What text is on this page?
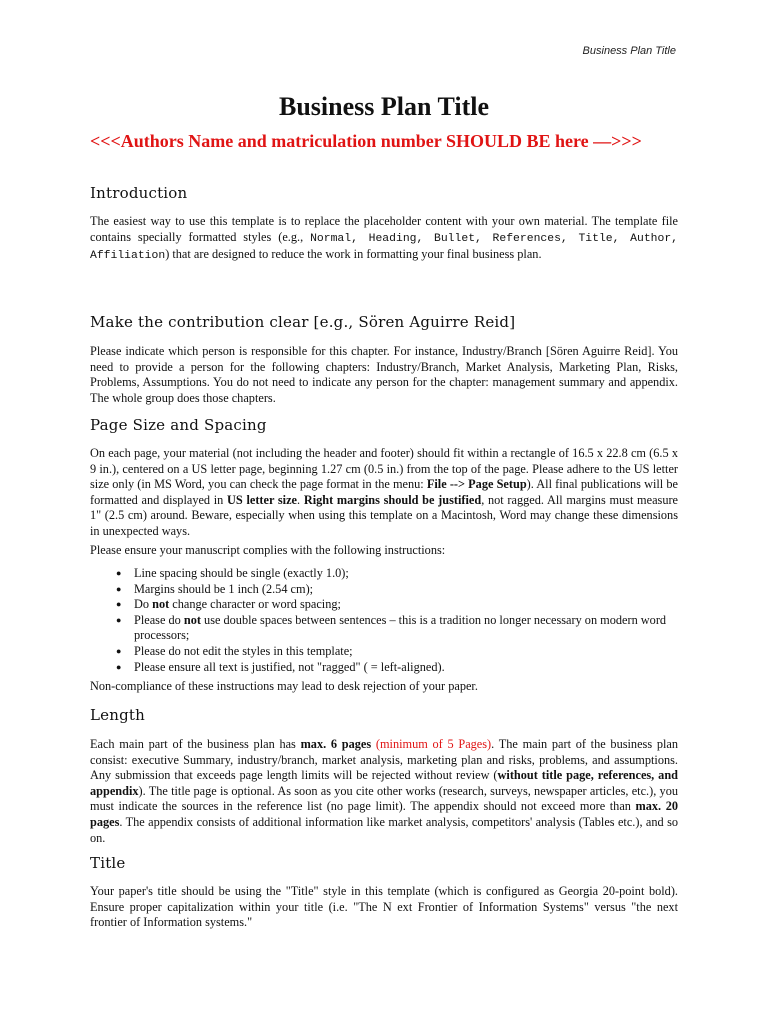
Business Plan Title
Business Plan Title
<<<Authors Name and matriculation number SHOULD BE here —>>>
Introduction

The easiest way to use this template is to replace the placeholder content with your own material. The template file contains specially formatted styles (e.g., Normal, Heading, Bullet, References, Title, Author, Affiliation) that are designed to reduce the work in formatting your final business plan.

Make the contribution clear [e.g., Sören Aguirre Reid]

Please indicate which person is responsible for this chapter. For instance, Industry/Branch [Sören Aguirre Reid]. You need to provide a person for the following chapters: Industry/Branch, Market Analysis, Marketing Plan, Risks, Problems, Assumptions. You do not need to indicate any person for the chapter: management summary and appendix. The whole group does those chapters.

Page Size and Spacing

On each page, your material (not including the header and footer) should fit within a rectangle of 16.5 x 22.8 cm (6.5 x 9 in.), centered on a US letter page, beginning 1.27 cm (0.5 in.) from the top of the page. Please adhere to the US letter size only (in MS Word, you can check the page format in the menu: File --> Page Setup). All final publications will be formatted and displayed in US letter size. Right margins should be justified, not ragged. All margins must measure 1" (2.5 cm) around. Beware, especially when using this template on a Macintosh, Word may change these dimensions in unexpected ways.

Please ensure your manuscript complies with the following instructions:

● Line spacing should be single (exactly 1.0);
● Margins should be 1 inch (2.54 cm);
● Do not change character or word spacing;
● Please do not use double spaces between sentences – this is a tradition no longer necessary on modern word processors;
● Please do not edit the styles in this template;
● Please ensure all text is justified, not "ragged" ( = left-aligned).

Non-compliance of these instructions may lead to desk rejection of your paper.

Length

Each main part of the business plan has max. 6 pages (minimum of 5 Pages). The main part of the business plan consist: executive Summary, industry/branch, market analysis, marketing plan and risks, problems, and assumptions. Any submission that exceeds page length limits will be rejected without review (without title page, references, and appendix). The title page is optional. As soon as you cite other works (research, surveys, newspaper articles, etc.), you must indicate the sources in the reference list (no page limit). The appendix should not exceed more than max. 20 pages. The appendix consists of additional information like market analysis, competitors' analysis (Tables etc.), and so on.

Title

Your paper's title should be using the "Title" style in this template (which is configured as Georgia 20-point bold). Ensure proper capitalization within your title (i.e. "The N ext Frontier of Information Systems" versus "the next frontier of Information systems."
